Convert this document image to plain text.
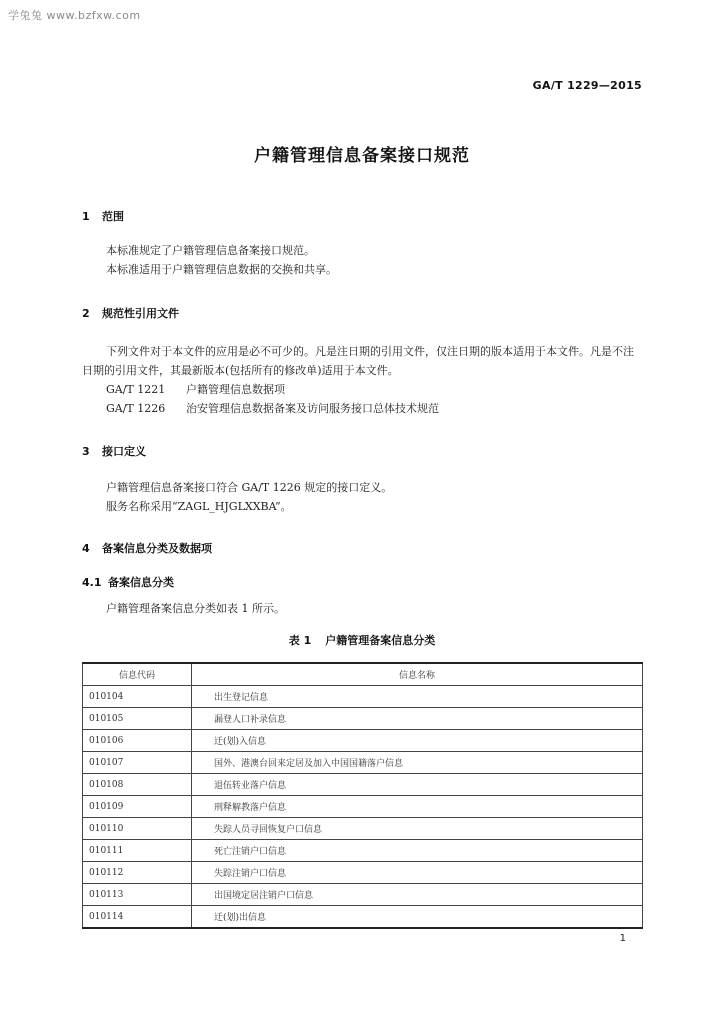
学兔兔 www.bzfxw.com
GA/T 1229—2015
户籍管理信息备案接口规范
1 范围

本标准规定了户籍管理信息备案接口规范。

本标准适用于户籍管理信息数据的交换和共享。

2 规范性引用文件

下列文件对于本文件的应用是必不可少的。凡是注日期的引用文件，仅注日期的版本适用于本文件。凡是不注日期的引用文件，其最新版本(包括所有的修改单)适用于本文件。

GA/T 1221 户籍管理信息数据项
GA/T 1226 治安管理信息数据备案及访问服务接口总体技术规范
3 接口定义

户籍管理信息备案接口符合 GA/T 1226 规定的接口定义。

服务名称采用“ZAGL_HJGLXXBA”。

4 备案信息分类及数据项
4.1 备案信息分类

户籍管理备案信息分类如表 1 所示。

表 1 户籍管理备案信息分类
信息代码	信息名称
010104	出生登记信息
010105	漏登人口补录信息
010106	迁(划)入信息
010107	国外、港澳台回来定居及加入中国国籍落户信息
010108	退伍转业落户信息
010109	刑释解教落户信息
010110	失踪人员寻回恢复户口信息
010111	死亡注销户口信息
010112	失踪注销户口信息
010113	出国境定居注销户口信息
010114	迁(划)出信息
1
